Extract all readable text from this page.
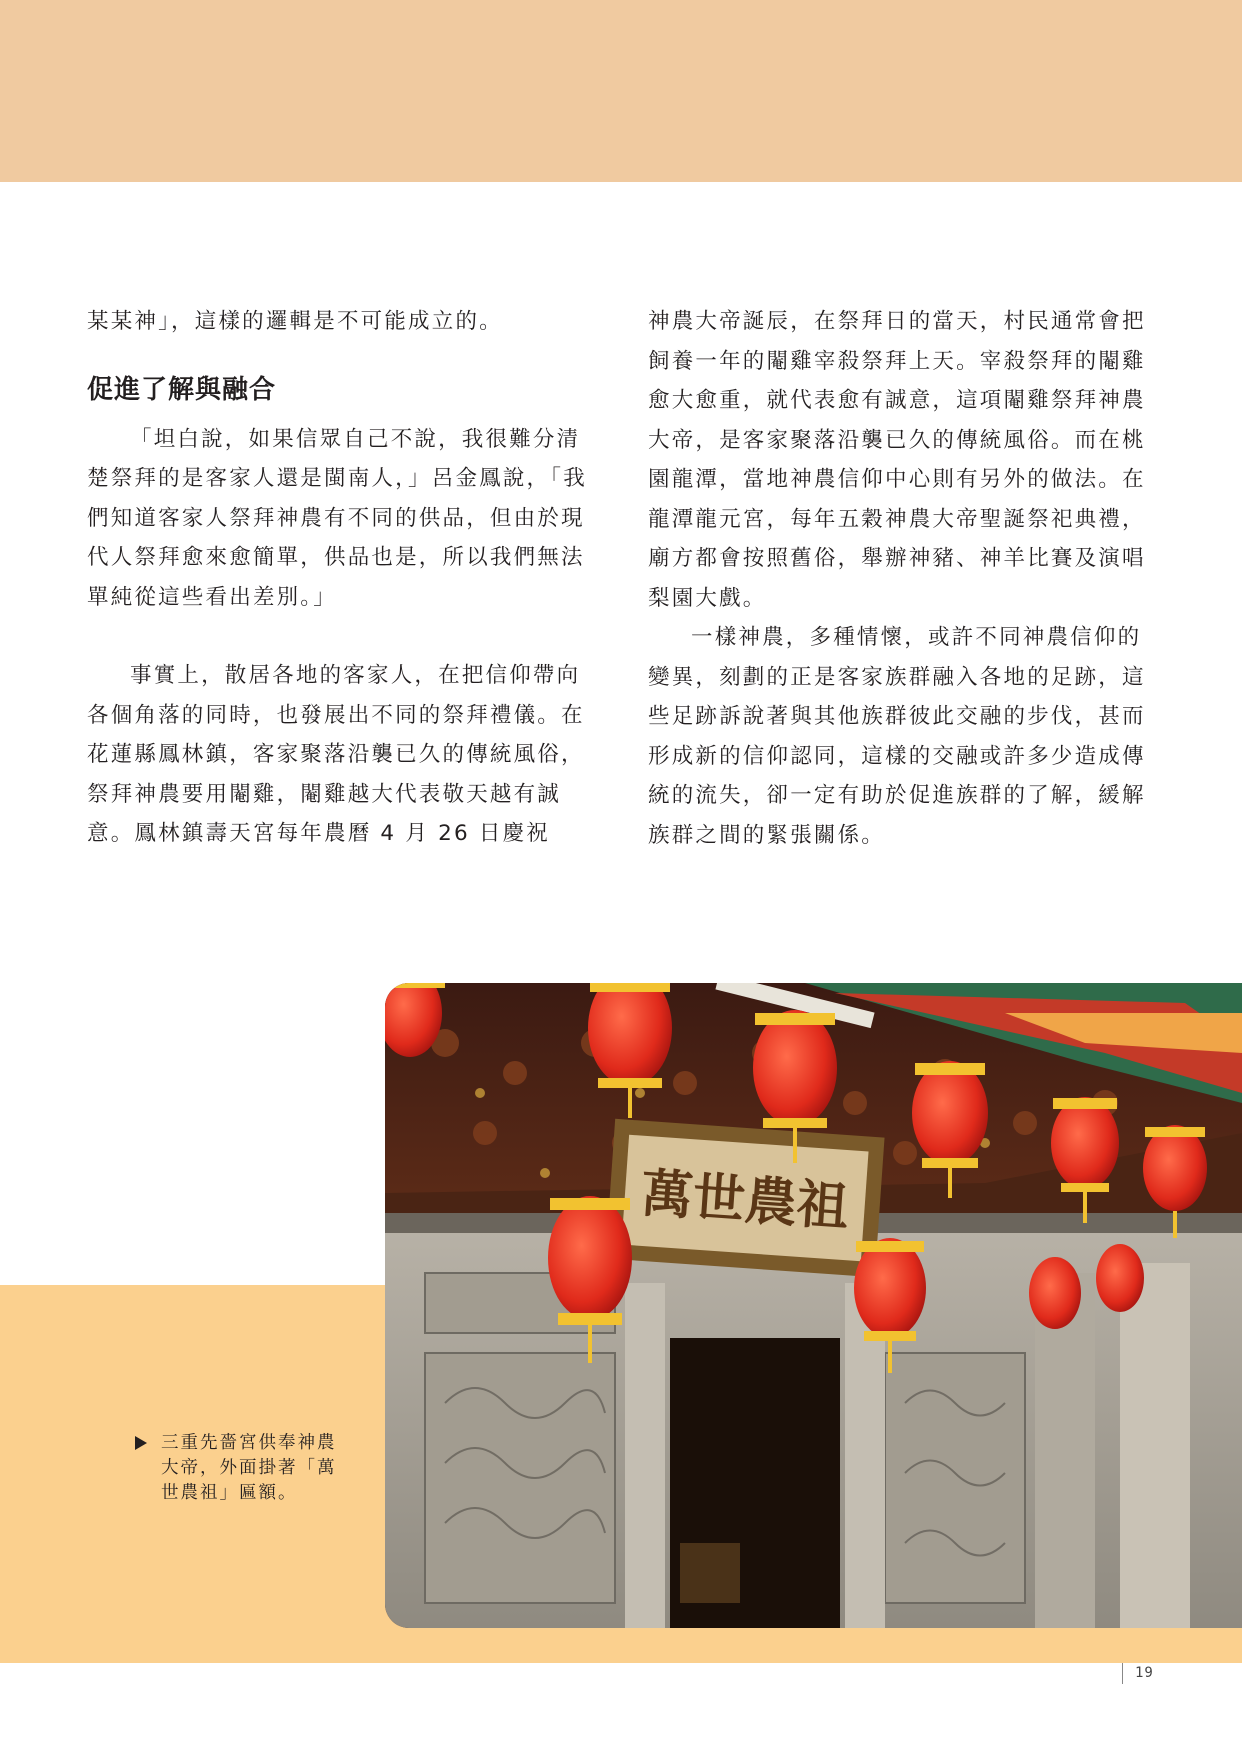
某某神」，這樣的邏輯是不可能成立的。

促進了解與融合

「坦白說，如果信眾自己不說，我很難分清楚祭拜的是客家人還是閩南人，」呂金鳳說，「我們知道客家人祭拜神農有不同的供品，但由於現代人祭拜愈來愈簡單，供品也是，所以我們無法單純從這些看出差別。」

事實上，散居各地的客家人，在把信仰帶向各個角落的同時，也發展出不同的祭拜禮儀。在花蓮縣鳳林鎮，客家聚落沿襲已久的傳統風俗，祭拜神農要用閹雞，閹雞越大代表敬天越有誠意。鳳林鎮壽天宮每年農曆 4 月 26 日慶祝

神農大帝誕辰，在祭拜日的當天，村民通常會把飼養一年的閹雞宰殺祭拜上天。宰殺祭拜的閹雞愈大愈重，就代表愈有誠意，這項閹雞祭拜神農大帝，是客家聚落沿襲已久的傳統風俗。而在桃園龍潭，當地神農信仰中心則有另外的做法。在龍潭龍元宮，每年五穀神農大帝聖誕祭祀典禮，廟方都會按照舊俗，舉辦神豬、神羊比賽及演唱梨園大戲。

一樣神農，多種情懷，或許不同神農信仰的變異，刻劃的正是客家族群融入各地的足跡，這些足跡訴說著與其他族群彼此交融的步伐，甚而形成新的信仰認同，這樣的交融或許多少造成傳統的流失，卻一定有助於促進族群的了解，緩解族群之間的緊張關係。

萬世農祖
三重先嗇宮供奉神農大帝，外面掛著「萬世農祖」匾額。
19
